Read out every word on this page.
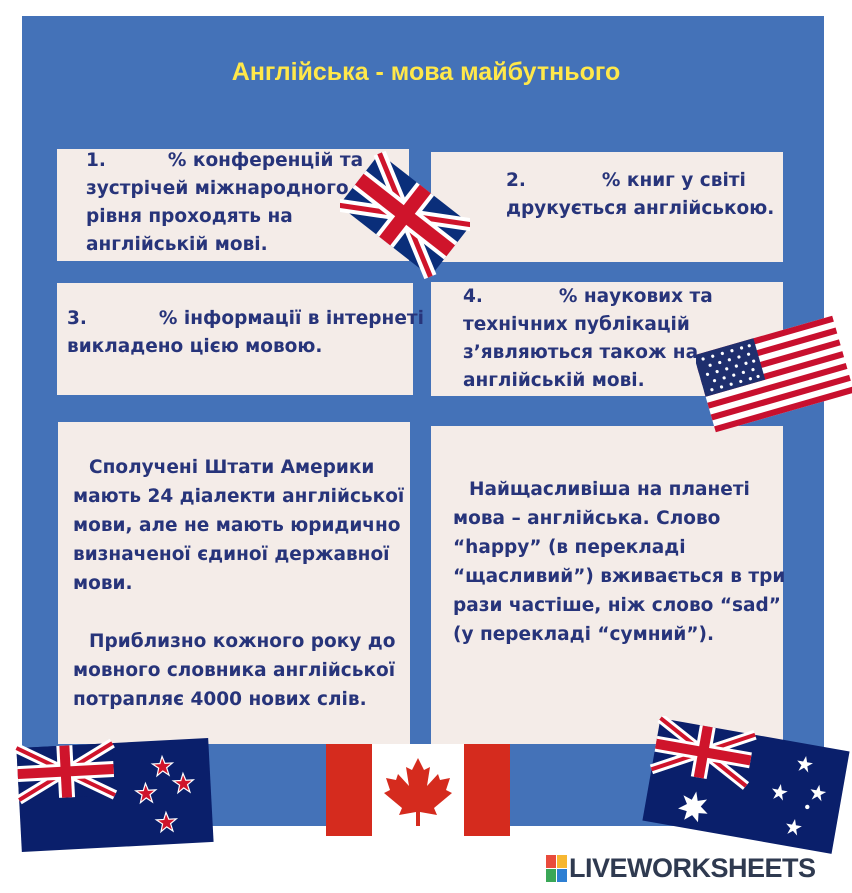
Англійська - мова майбутнього
1.	% конференцій та
зустрічей міжнародного
рівня проходять на
англійській мові.
2.	% книг у світі
друкується англійською.
3.	% інформації в інтернеті
викладено цією мовою.
4.	% наукових та
технічних публікацій
з’являються також на
англійській мові.
Сполучені Штати Америки
мають 24 діалекти англійської
мови, але не мають юридично
визначеної єдиної державної
мови.
Приблизно кожного року до
мовного словника англійської
потрапляє 4000 нових слів.
Найщасливіша на планеті
мова – англійська. Слово
“happy” (в перекладі
“щасливий”) вживається в три
рази частіше, ніж слово “sad”
(у перекладі “сумний”).
LIVEWORKSHEETS
